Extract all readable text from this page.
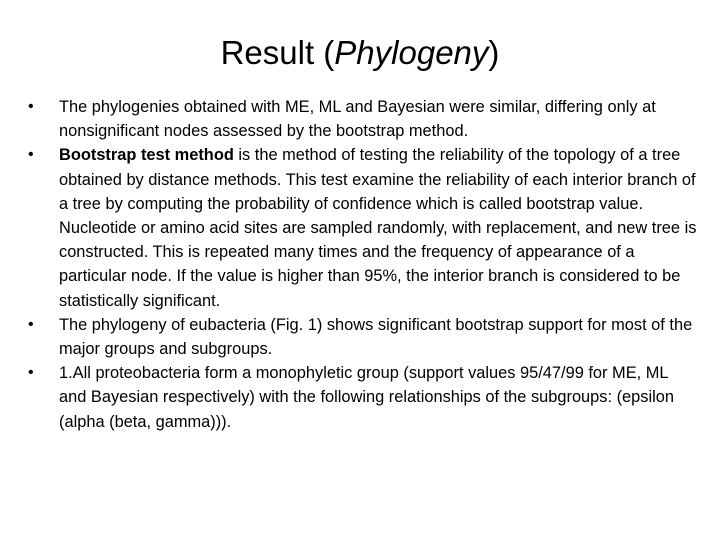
Result (Phylogeny)
• The phylogenies obtained with ME, ML and Bayesian were similar, differing only at nonsignificant nodes assessed by the bootstrap method.
• Bootstrap test method is the method of testing the reliability of the topology of a tree obtained by distance methods. This test examine the reliability of each interior branch of a tree by computing the probability of confidence which is called bootstrap value. Nucleotide or amino acid sites are sampled randomly, with replacement, and new tree is constructed. This is repeated many times and the frequency of appearance of a particular node. If the value is higher than 95%, the interior branch is considered to be statistically significant.
• The phylogeny of eubacteria (Fig. 1) shows significant bootstrap support for most of the major groups and subgroups.
• 1.All proteobacteria form a monophyletic group (support values 95/47/99 for ME, ML and Bayesian respectively) with the following relationships of the subgroups: (epsilon (alpha (beta, gamma))).
